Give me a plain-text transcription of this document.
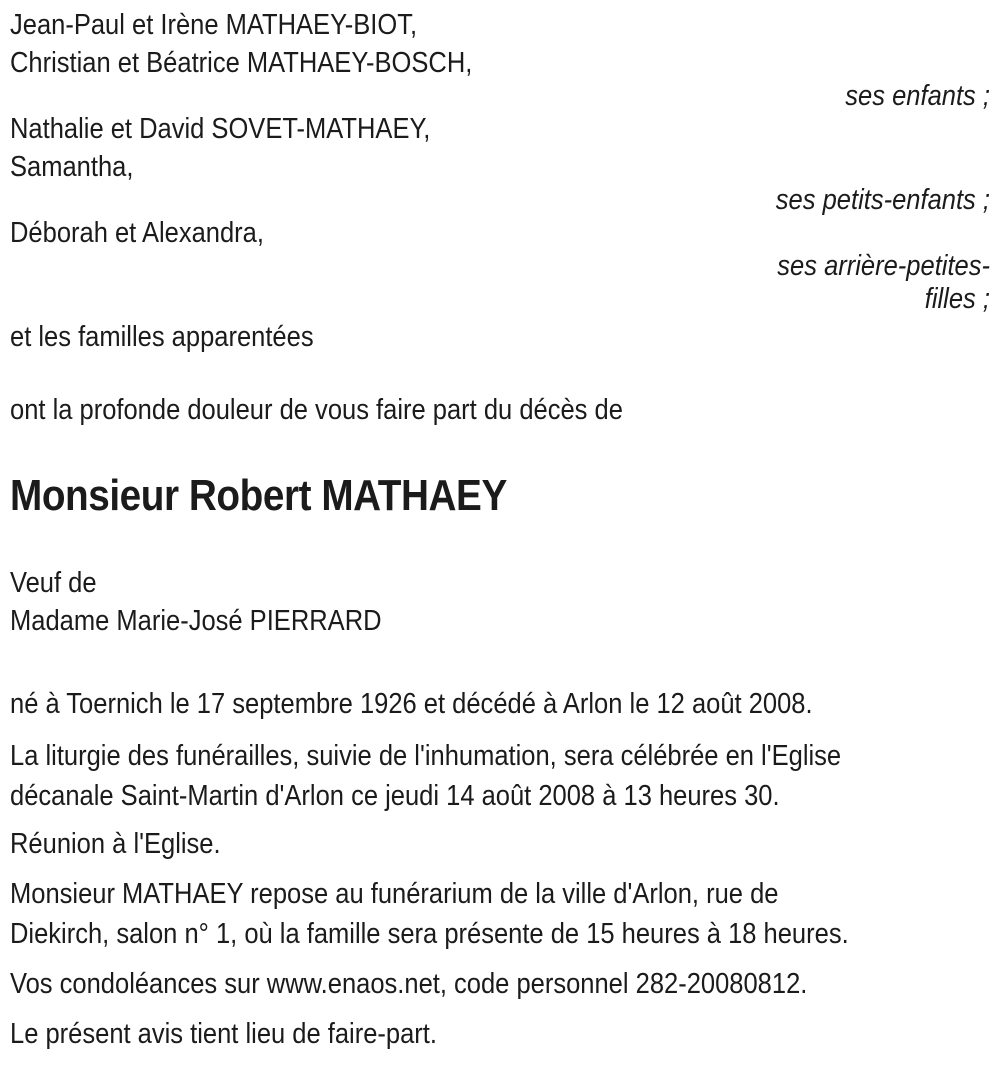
Jean-Paul et Irène MATHAEY-BIOT,
Christian et Béatrice MATHAEY-BOSCH,
ses enfants ;
Nathalie et David SOVET-MATHAEY,
Samantha,
ses petits-enfants ;
Déborah et Alexandra,
ses arrière-petites-
filles ;
et les familles apparentées
ont la profonde douleur de vous faire part du décès de
Monsieur Robert MATHAEY
Veuf de
Madame Marie-José PIERRARD
né à Toernich le 17 septembre 1926 et décédé à Arlon le 12 août 2008.
La liturgie des funérailles, suivie de l'inhumation, sera célébrée en l'Eglise
décanale Saint-Martin d'Arlon ce jeudi 14 août 2008 à 13 heures 30.
Réunion à l'Eglise.
Monsieur MATHAEY repose au funérarium de la ville d'Arlon, rue de
Diekirch, salon n° 1, où la famille sera présente de 15 heures à 18 heures.
Vos condoléances sur www.enaos.net, code personnel 282-20080812.
Le présent avis tient lieu de faire-part.
